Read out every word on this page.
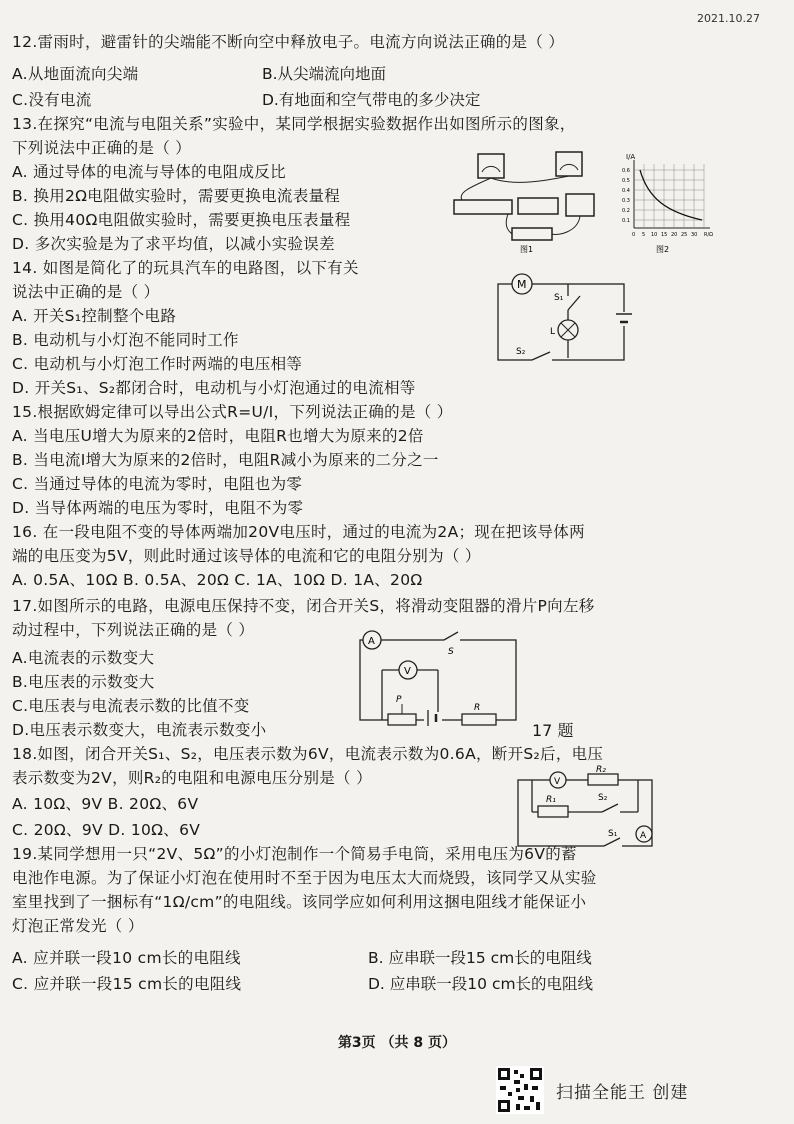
2021.10.27
12.雷雨时，避雷针的尖端能不断向空中释放电子。电流方向说法正确的是（ ）
A.从地面流向尖端	B.从尖端流向地面
C.没有电流	D.有地面和空气带电的多少决定
13.在探究“电流与电阻关系”实验中，某同学根据实验数据作出如图所示的图象，
下列说法中正确的是（ ）
A. 通过导体的电流与导体的电阻成反比
B. 换用2Ω电阻做实验时，需要更换电流表量程
C. 换用40Ω电阻做实验时，需要更换电压表量程
D. 多次实验是为了求平均值，以减小实验误差
14. 如图是简化了的玩具汽车的电路图，以下有关
说法中正确的是（ ）
A. 开关S₁控制整个电路
B. 电动机与小灯泡不能同时工作
C. 电动机与小灯泡工作时两端的电压相等
D. 开关S₁、S₂都闭合时，电动机与小灯泡通过的电流相等
15.根据欧姆定律可以导出公式R=U/I，下列说法正确的是（ ）
A. 当电压U增大为原来的2倍时，电阻R也增大为原来的2倍
B. 当电流I增大为原来的2倍时，电阻R减小为原来的二分之一
C. 当通过导体的电流为零时，电阻也为零
D. 当导体两端的电压为零时，电阻不为零
16. 在一段电阻不变的导体两端加20V电压时，通过的电流为2A；现在把该导体两
端的电压变为5V，则此时通过该导体的电流和它的电阻分别为（ ）
A. 0.5A、10Ω B. 0.5A、20Ω C. 1A、10Ω D. 1A、20Ω
17.如图所示的电路，电源电压保持不变，闭合开关S，将滑动变阻器的滑片P向左移
动过程中，下列说法正确的是（ ）
A.电流表的示数变大
B.电压表的示数变大
C.电压表与电流表示数的比值不变
D.电压表示数变大，电流表示数变小
18.如图，闭合开关S₁、S₂，电压表示数为6V，电流表示数为0.6A，断开S₂后，电压
表示数变为2V，则R₂的电阻和电源电压分别是（ ）
A. 10Ω、9V B. 20Ω、6V
C. 20Ω、9V D. 10Ω、6V
19.某同学想用一只“2V、5Ω”的小灯泡制作一个简易手电筒，采用电压为6V的蓄
电池作电源。为了保证小灯泡在使用时不至于因为电压太大而烧毁，该同学又从实验
室里找到了一捆标有“1Ω/cm”的电阻线。该同学应如何利用这捆电阻线才能保证小
灯泡正常发光（ ）
A. 应并联一段10 cm长的电阻线	B. 应串联一段15 cm长的电阻线
C. 应并联一段15 cm长的电阻线	D. 应串联一段10 cm长的电阻线
图1
I/A
0.6
0.5
0.4
0.3
0.2
0.1
0 5 10 15 20 25 30 R/Ω
图2
M
S₁
L
S₂
A
S
V
P
R
17 题
V
R₂
R₁	S₂
S₁	A
第3页 （共 8 页）
扫描全能王 创建
